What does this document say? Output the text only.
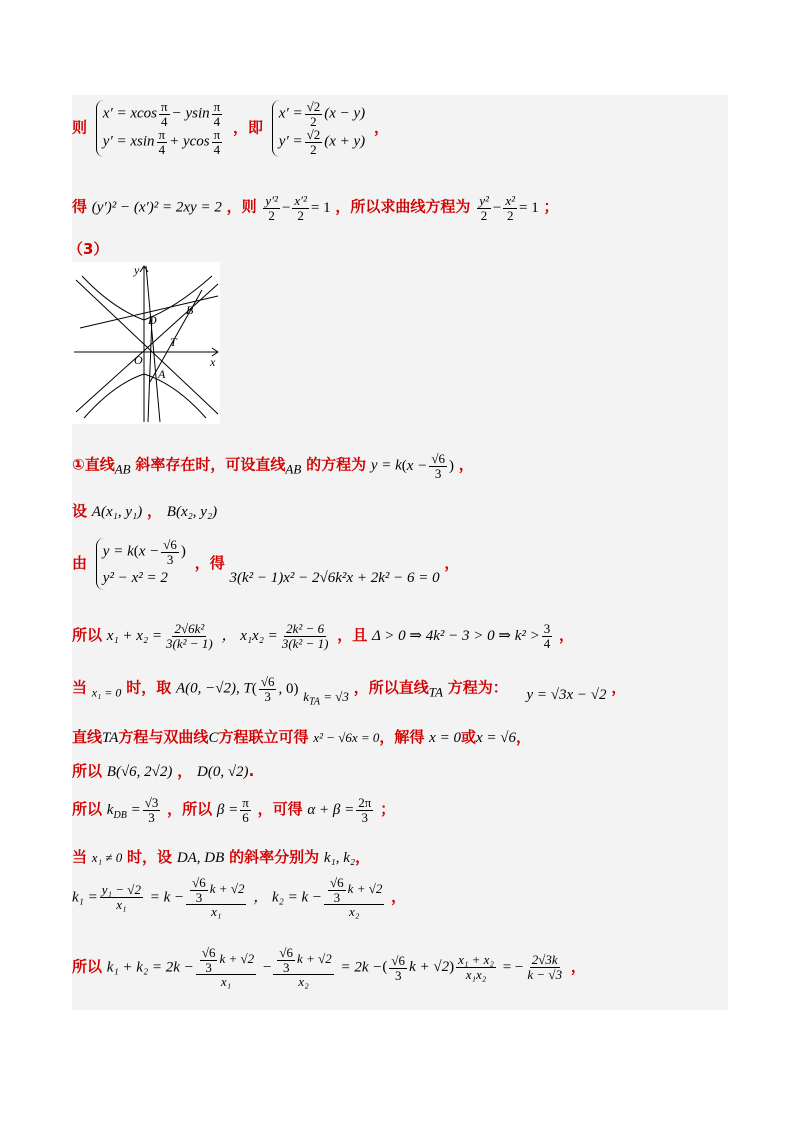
则
x′ = xcos $\frac{\pi}{4} - ysin \frac{\pi}{4}$
y′ = xsin $\frac{\pi}{4} + ycos \frac{\pi}{4}$
，即
$x' = \frac{√2}{2} (x - y)$
$y' = \frac{√2}{2} (x + y)$
，
得 (y′)² − (x′)² = 2xy = 2 ，则 $\frac{\text{y′²}}{2} - \frac{\text{x′²}}{2} = 1$ ，所以求曲线方程为 $\frac{\text{y²}}{2} - \frac{\text{x²}}{2} = 1$ ；
（3）
y
x
D
B
T
O
A
①直线$_{AB}$ 斜率存在时，可设直线$_{AB}$ 的方程为 $y = k(x - \frac{√6}{3}$ ) ，
设 A(x₁, y₁) ， B(x₂, y₂)
由
$y = k(x - \frac{√6}{3}$ )
y² − x² = 2
，得 3(k² − 1)x² − 2√6k²x + 2k² − 6 = 0 ，
所以 $x_1 + x_2 = \frac{\text{2√6k²}}{\text{3(k² − 1)}}$ ， $x_1x_2 = \frac{\text{2k² − 6}}{\text{3(k² − 1)}}$ ，且 Δ > 0 ⇒ 4k² − 3 > 0 ⇒ $k^2 > \frac{3}{4}$ ，
当 $_{x_1 = 0}$ 时，取 A(0, −√2), $T( \frac{√6}{3}$ , 0) $k_{TA} = √3$ ，所以直线$_{TA}$ 方程为： y = √3x − √2 ，
直线TA方程与双曲线C方程联立可得 x² − √6x = 0，解得 x = 0或x = √6，
所以 B(√6, 2√2) ， D(0, √2).
所以 $k_{DB} = \frac{√3}{3}$ ，所以 $\beta = \frac{\pi}{6}$ ，可得 $\alpha + \beta = \frac{2\pi}{3}$ ；
当 x₁ ≠ 0 时，设 DA, DB 的斜率分别为 k₁, k₂，
$k_1 = \frac{\text{y₁ − √2}}{\text{x₁}} = k - \frac{\frac{√6}{3} k + √2}{\text{x₁}}$ ， $k_2 = k - \frac{\frac{√6}{3} k + √2}{\text{x₂}}$ ，
所以 $k_1 + k_2 = 2k - \frac{\frac{√6}{3} k + √2}{\text{x₁}} - \frac{\frac{√6}{3} k + √2}{\text{x₂}} = 2k$ −( $\frac{√6}{3}$ $k + √2) \frac{\text{x₁ + x₂}}{\text{x₁x₂}}$ = − $\frac{2√3k}{k - √3}$ ，
